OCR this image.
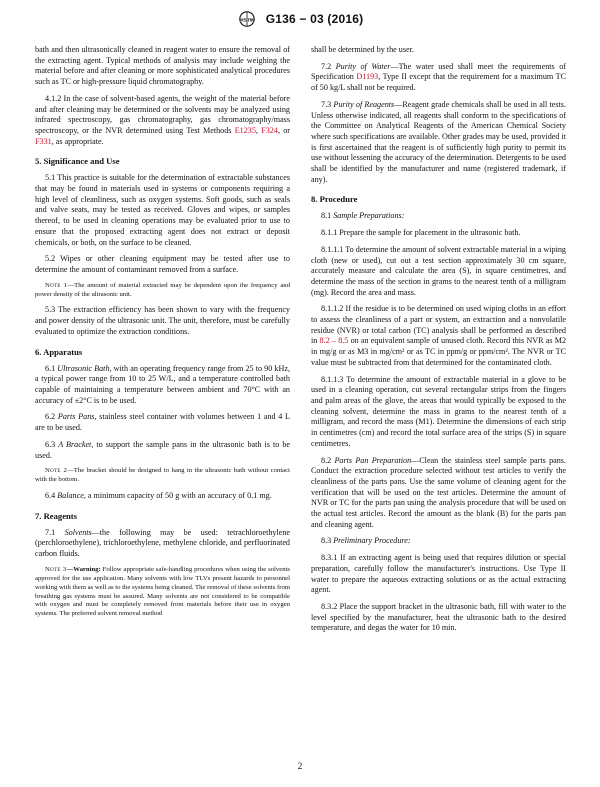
ASTM G136 − 03 (2016)

bath and then ultrasonically cleaned in reagent water to ensure the removal of the extracting agent. Typical methods of analysis may include weighing the material before and after cleaning or more sophisticated analytical procedures such as TC or high-pressure liquid chromatography.

4.1.2 In the case of solvent-based agents, the weight of the material before and after cleaning may be determined or the solvents may be analyzed using infrared spectroscopy, gas chromatography, gas chromatography/mass spectroscopy, or the NVR determined using Test Methods E1235, F324, or F331, as appropriate.

5. Significance and Use

5.1 This practice is suitable for the determination of extractable substances that may be found in materials used in systems or components requiring a high level of cleanliness, such as oxygen systems. Soft goods, such as seals and valve seats, may be tested as received. Gloves and wipes, or samples thereof, to be used in cleaning operations may be evaluated prior to use to ensure that the proposed extracting agent does not extract or deposit chemicals, or both, on the surface to be cleaned.

5.2 Wipes or other cleaning equipment may be tested after use to determine the amount of contaminant removed from a surface.

Note 1—The amount of material extracted may be dependent upon the frequency and power density of the ultrasonic unit.

5.3 The extraction efficiency has been shown to vary with the frequency and power density of the ultrasonic unit. The unit, therefore, must be carefully evaluated to optimize the extraction conditions.

6. Apparatus

6.1 Ultrasonic Bath, with an operating frequency range from 25 to 90 kHz, a typical power range from 10 to 25 W/L, and a temperature controlled bath capable of maintaining a temperature between ambient and 70°C with an accuracy of ±2°C is to be used.

6.2 Parts Pans, stainless steel container with volumes between 1 and 4 L are to be used.

6.3 A Bracket, to support the sample pans in the ultrasonic bath is to be used.

Note 2—The bracket should be designed to hang in the ultrasonic bath without contact with the bottom.

6.4 Balance, a minimum capacity of 50 g with an accuracy of 0.1 mg.

7. Reagents

7.1 Solvents—the following may be used: tetrachloroethylene (perchloroethylene), trichloroethylene, methylene chloride, and perfluorinated carbon fluids.

Note 3—Warning: Follow appropriate safe-handling procedures when using the solvents approved for the use application. Many solvents with low TLVs present hazards to personnel working with them as well as to the systems being cleaned. The removal of these solvents from breathing gas systems must be assured. Many solvents are not considered to be compatible with oxygen and must be completely removed from materials before their use in oxygen systems. The preferred solvent removal method

shall be determined by the user.

7.2 Purity of Water—The water used shall meet the requirements of Specification D1193, Type II except that the requirement for a maximum TC of 50 kg/L shall not be required.

7.3 Purity of Reagents—Reagent grade chemicals shall be used in all tests. Unless otherwise indicated, all reagents shall conform to the specifications of the Committee on Analytical Reagents of the American Chemical Society where such specifications are available. Other grades may be used, provided it is first ascertained that the reagent is of sufficiently high purity to permit its use without lessening the accuracy of the determination. Detergents to be used shall be identified by the manufacturer and name (registered trademark, if any).

8. Procedure

8.1 Sample Preparations:

8.1.1 Prepare the sample for placement in the ultrasonic bath.

8.1.1.1 To determine the amount of solvent extractable material in a wiping cloth (new or used), cut out a test section approximately 30 cm square, accurately measure and calculate the area (S), in square centimetres, and determine the mass of the section in grams to the nearest tenth of a milligram (mg). Record the area and mass.

8.1.1.2 If the residue is to be determined on used wiping cloths in an effort to assess the cleanliness of a part or system, an extraction and a nonvolatile residue (NVR) or total carbon (TC) analysis shall be performed as described in 8.2 – 8.5 on an equivalent sample of unused cloth. Record this NVR as M2 in mg/g or as M3 in mg/cm² or as TC in ppm/g or ppm/cm². The NVR or TC value must be subtracted from that determined for the contaminated cloth.

8.1.1.3 To determine the amount of extractable material in a glove to be used in a cleaning operation, cut several rectangular strips from the fingers and palm areas of the glove, the areas that would typically be exposed to the cleaning solvent, determine the mass in grams to the nearest tenth of a milligram, and record the mass (M1). Determine the dimensions of each strip in centimetres (cm) and record the total surface area of the strips (S) in square centimetres.

8.2 Parts Pan Preparation—Clean the stainless steel sample parts pans. Conduct the extraction procedure selected without test articles to verify the cleanliness of the parts pans. Use the same volume of cleaning agent for the verification that will be used on the test articles. Determine the amount of NVR or TC for the parts pan using the analysis procedure that will be used on the actual test articles. Record the amount as the blank (B) for the parts pan and cleaning agent.

8.3 Preliminary Procedure:

8.3.1 If an extracting agent is being used that requires dilution or special preparation, carefully follow the manufacturer's instructions. Use Type II water to prepare the aqueous extracting solutions or as the actual extracting agent.

8.3.2 Place the support bracket in the ultrasonic bath, fill with water to the level specified by the manufacturer, heat the ultrasonic bath to the desired temperature, and degas the water for 10 min.

2
